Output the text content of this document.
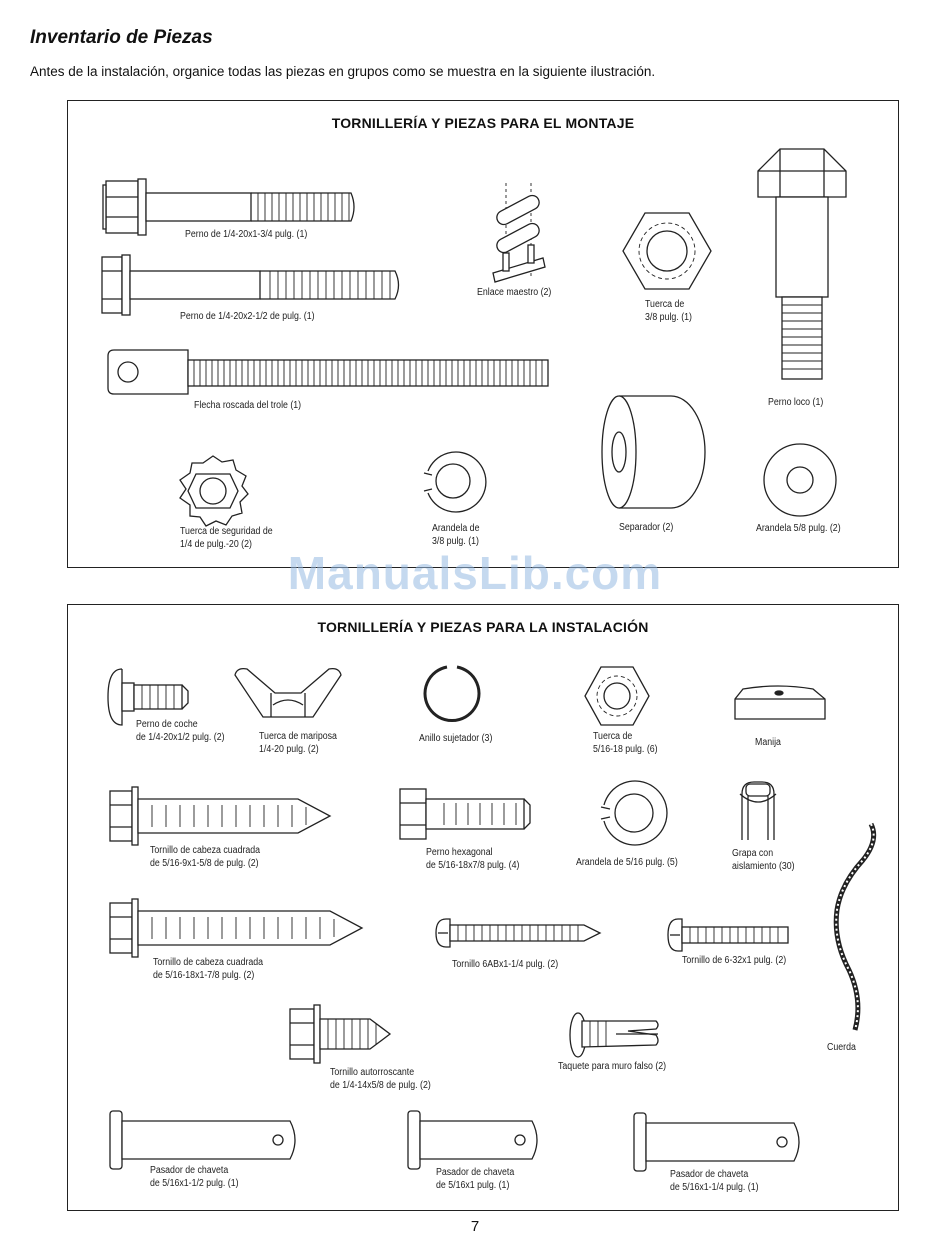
Inventario de Piezas
Antes de la instalación, organice todas las piezas en grupos como se muestra en la siguiente ilustración.
TORNILLERÍA Y PIEZAS PARA EL MONTAJE
Perno de 1/4-20x1-3/4 pulg. (1)
Perno de 1/4-20x2-1/2 de pulg. (1)
Flecha roscada del trole (1)
Enlace maestro (2)
Tuerca de
3/8 pulg. (1)
Perno loco (1)
Tuerca de seguridad de
1/4 de pulg.-20 (2)
Arandela de
3/8 pulg. (1)
Separador (2)	Arandela 5/8 pulg. (2)
TORNILLERÍA Y PIEZAS PARA LA INSTALACIÓN
Perno de coche
de 1/4-20x1/2 pulg. (2)	Tuerca de mariposa
1/4-20 pulg. (2)
Anillo sujetador (3)	Tuerca de
5/16-18 pulg. (6)
Manija
Tornillo de cabeza cuadrada
de 5/16-9x1-5/8 de pulg. (2)
Perno hexagonal
de 5/16-18x7/8 pulg. (4)	Arandela de 5/16 pulg. (5)
Grapa con
aislamiento (30)
Tornillo de cabeza cuadrada
de 5/16-18x1-7/8 pulg. (2)
Tornillo 6ABx1-1/4 pulg. (2)	Tornillo de 6-32x1 pulg. (2)
Cuerda
Tornillo autorroscante
de 1/4-14x5/8 de pulg. (2)
Taquete para muro falso (2)
Pasador de chaveta
de 5/16x1-1/2 pulg. (1)
Pasador de chaveta
de 5/16x1 pulg. (1)
Pasador de chaveta
de 5/16x1-1/4 pulg. (1)
ManualsLib.com
7
